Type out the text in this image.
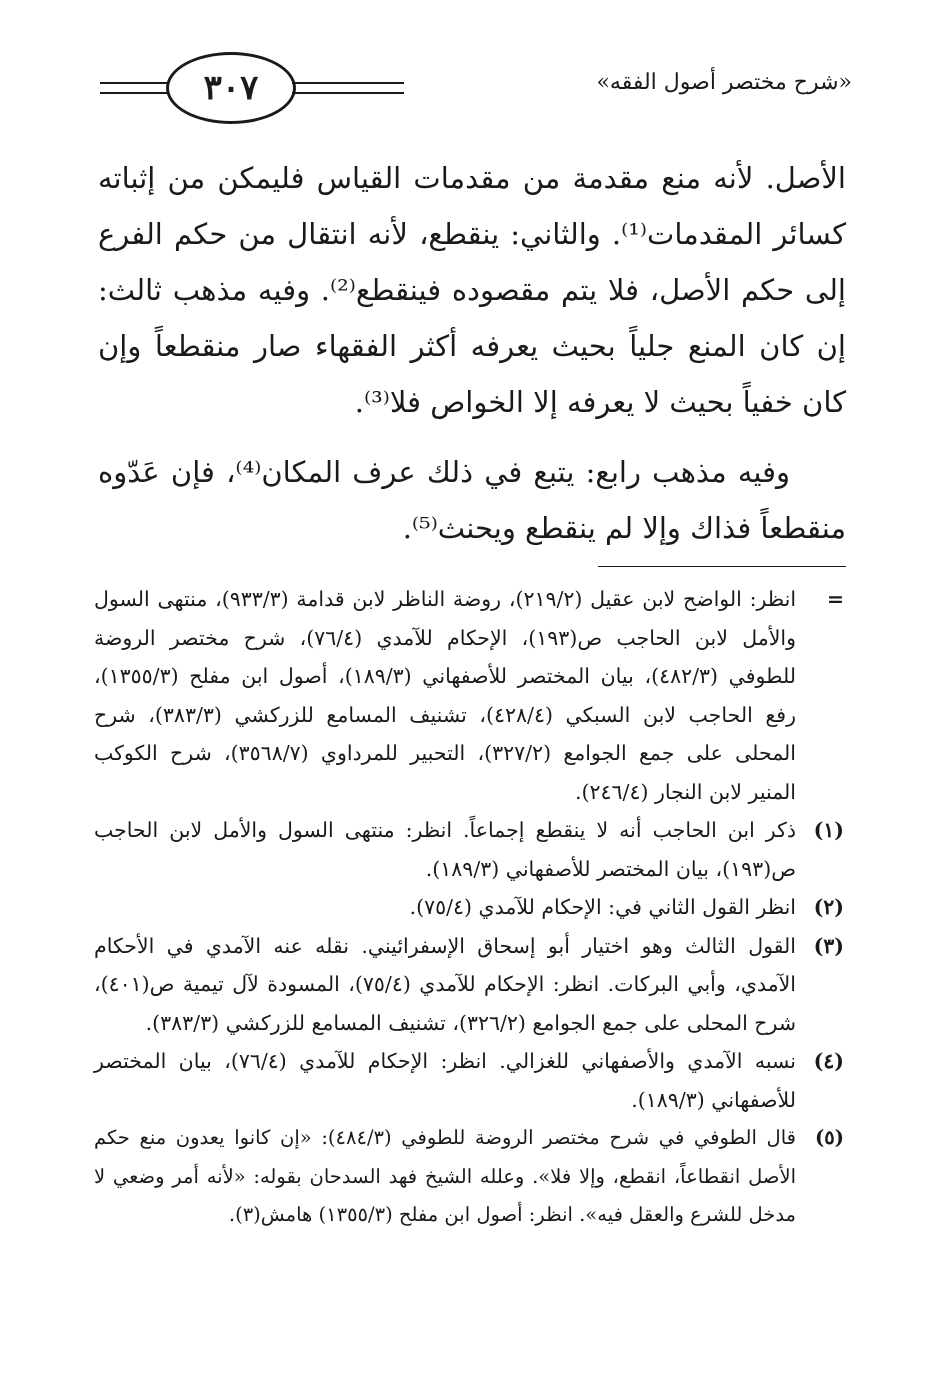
٣٠٧	«شرح مختصر أصول الفقه»

الأصل. لأنه منع مقدمة من مقدمات القياس فليمكن من إثباته كسائر المقدمات⁽¹⁾. والثاني: ينقطع، لأنه انتقال من حكم الفرع إلى حكم الأصل، فلا يتم مقصوده فينقطع⁽²⁾. وفيه مذهب ثالث: إن كان المنع جلياً بحيث يعرفه أكثر الفقهاء صار منقطعاً وإن كان خفياً بحيث لا يعرفه إلا الخواص فلا⁽³⁾.

وفيه مذهب رابع: يتبع في ذلك عرف المكان⁽⁴⁾، فإن عَدّوه منقطعاً فذاك وإلا لم ينقطع ويحنث⁽⁵⁾.

=
انظر: الواضح لابن عقيل (٢١٩/٢)، روضة الناظر لابن قدامة (٩٣٣/٣)، منتهى السول والأمل لابن الحاجب ص(١٩٣)، الإحكام للآمدي (٧٦/٤)، شرح مختصر الروضة للطوفي (٤٨٢/٣)، بيان المختصر للأصفهاني (١٨٩/٣)، أصول ابن مفلح (١٣٥٥/٣)، رفع الحاجب لابن السبكي (٤٢٨/٤)، تشنيف المسامع للزركشي (٣٨٣/٣)، شرح المحلى على جمع الجوامع (٣٢٧/٢)، التحبير للمرداوي (٣٥٦٨/٧)، شرح الكوكب المنير لابن النجار (٢٤٦/٤).
(١)
ذكر ابن الحاجب أنه لا ينقطع إجماعاً. انظر: منتهى السول والأمل لابن الحاجب ص(١٩٣)، بيان المختصر للأصفهاني (١٨٩/٣).
(٢)
انظر القول الثاني في: الإحكام للآمدي (٧٥/٤).
(٣)
القول الثالث وهو اختيار أبو إسحاق الإسفرائيني. نقله عنه الآمدي في الأحكام الآمدي، وأبي البركات. انظر: الإحكام للآمدي (٧٥/٤)، المسودة لآل تيمية ص(٤٠١)، شرح المحلى على جمع الجوامع (٣٢٦/٢)، تشنيف المسامع للزركشي (٣٨٣/٣).
(٤)
نسبه الآمدي والأصفهاني للغزالي. انظر: الإحكام للآمدي (٧٦/٤)، بيان المختصر للأصفهاني (١٨٩/٣).
(٥)
قال الطوفي في شرح مختصر الروضة للطوفي (٤٨٤/٣): «إن كانوا يعدون منع حكم الأصل انقطاعاً، انقطع، وإلا فلا». وعلله الشيخ فهد السدحان بقوله: «لأنه أمر وضعي لا مدخل للشرع والعقل فيه». انظر: أصول ابن مفلح (١٣٥٥/٣) هامش(٣).
